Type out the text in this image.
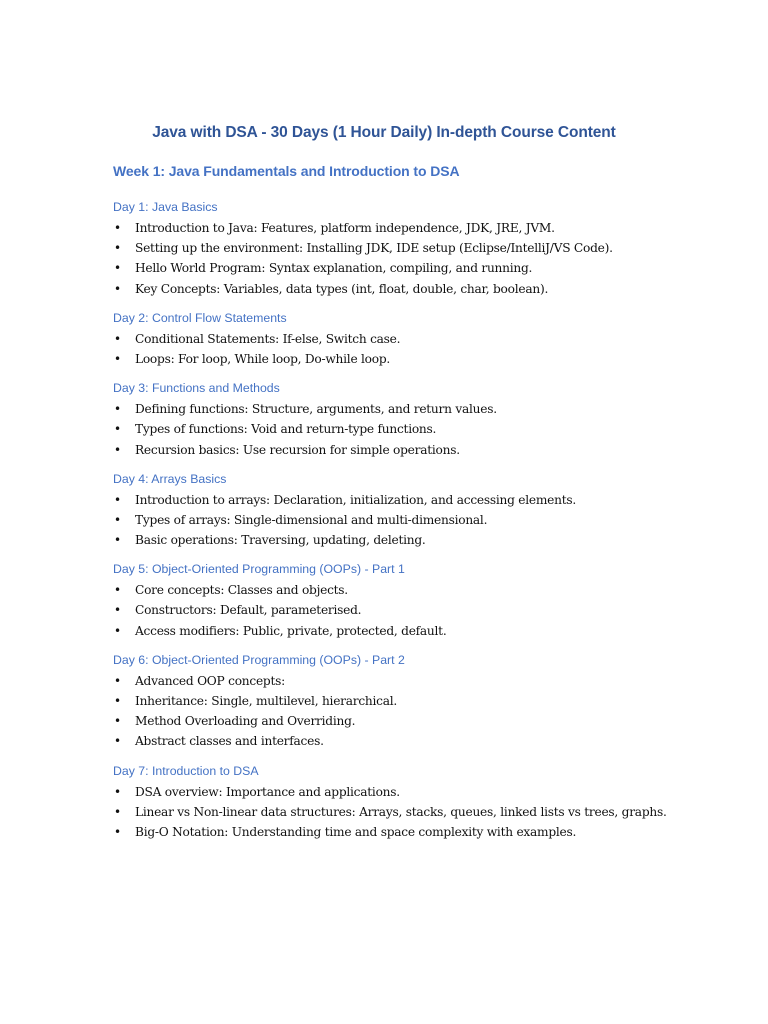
Java with DSA - 30 Days (1 Hour Daily) In-depth Course Content
Week 1: Java Fundamentals and Introduction to DSA
Day 1: Java Basics
• Introduction to Java: Features, platform independence, JDK, JRE, JVM.
• Setting up the environment: Installing JDK, IDE setup (Eclipse/IntelliJ/VS Code).
• Hello World Program: Syntax explanation, compiling, and running.
• Key Concepts: Variables, data types (int, float, double, char, boolean).
Day 2: Control Flow Statements
• Conditional Statements: If-else, Switch case.
• Loops: For loop, While loop, Do-while loop.
Day 3: Functions and Methods
• Defining functions: Structure, arguments, and return values.
• Types of functions: Void and return-type functions.
• Recursion basics: Use recursion for simple operations.
Day 4: Arrays Basics
• Introduction to arrays: Declaration, initialization, and accessing elements.
• Types of arrays: Single-dimensional and multi-dimensional.
• Basic operations: Traversing, updating, deleting.
Day 5: Object-Oriented Programming (OOPs) - Part 1
• Core concepts: Classes and objects.
• Constructors: Default, parameterised.
• Access modifiers: Public, private, protected, default.
Day 6: Object-Oriented Programming (OOPs) - Part 2
• Advanced OOP concepts:
• Inheritance: Single, multilevel, hierarchical.
• Method Overloading and Overriding.
• Abstract classes and interfaces.
Day 7: Introduction to DSA
• DSA overview: Importance and applications.
• Linear vs Non-linear data structures: Arrays, stacks, queues, linked lists vs trees, graphs.
• Big-O Notation: Understanding time and space complexity with examples.
